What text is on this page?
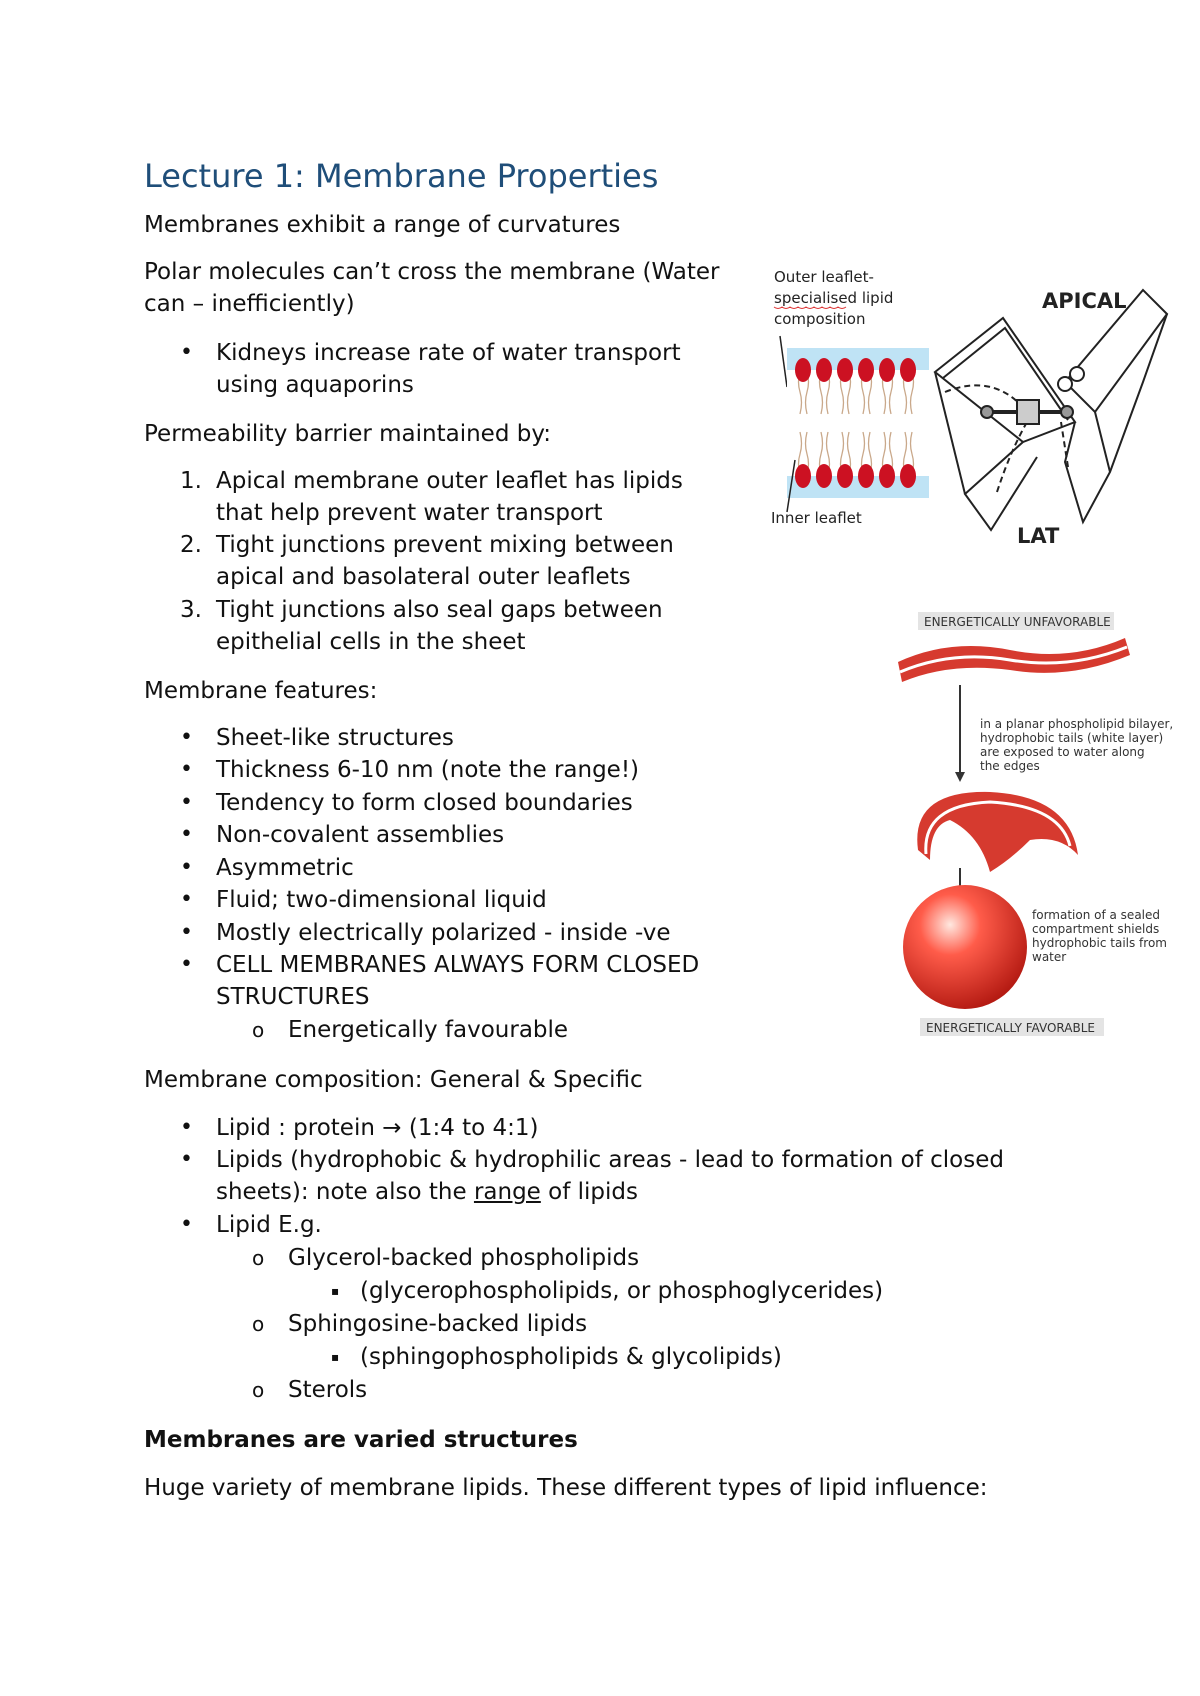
Lecture 1: Membrane Properties

Membranes exhibit a range of curvatures

Polar molecules can’t cross the membrane (Water

can – inefficiently)

• Kidneys increase rate of water transport

using aquaporins

Permeability barrier maintained by:

1. Apical membrane outer leaflet has lipids

that help prevent water transport

2. Tight junctions prevent mixing between

apical and basolateral outer leaflets

3. Tight junctions also seal gaps between

epithelial cells in the sheet

Membrane features:

• Sheet-like structures

• Thickness 6-10 nm (note the range!)

• Tendency to form closed boundaries

• Non-covalent assemblies

• Asymmetric

• Fluid; two-dimensional liquid

• Mostly electrically polarized - inside -ve

• CELL MEMBRANES ALWAYS FORM CLOSED

STRUCTURES

o Energetically favourable

Membrane composition: General & Specific

• Lipid : protein → (1:4 to 4:1)

• Lipids (hydrophobic & hydrophilic areas - lead to formation of closed

sheets): note also the range of lipids

• Lipid E.g.

o Glycerol-backed phospholipids

▪ (glycerophospholipids, or phosphoglycerides)

o Sphingosine-backed lipids

▪ (sphingophospholipids & glycolipids)

o Sterols

Membranes are varied structures

Huge variety of membrane lipids. These different types of lipid influence:

Outer leaflet-
specialised lipid
composition
Inner leaflet
APICAL
LAT
ENERGETICALLY UNFAVORABLE
in a planar phospholipid bilayer,
hydrophobic tails (white layer)
are exposed to water along
the edges
formation of a sealed
compartment shields
hydrophobic tails from
water
ENERGETICALLY FAVORABLE
